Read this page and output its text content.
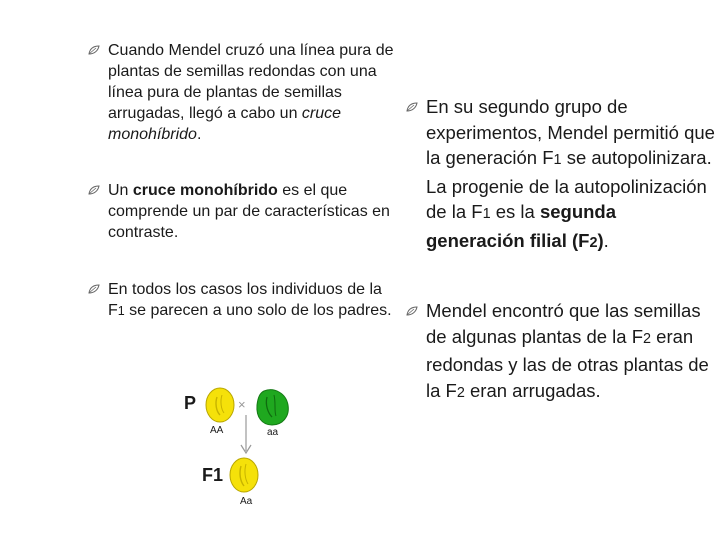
Cuando Mendel cruzó una línea pura de plantas de semillas redondas con una línea pura de plantas de semillas arrugadas, llegó a cabo un cruce monohíbrido.
Un cruce monohíbrido es el que comprende un par de características en contraste.
En todos los casos los individuos de la F1 se parecen a uno solo de los padres.
En su segundo grupo de experimentos, Mendel permitió que la generación F1 se autopolinizara. La progenie de la autopolinización de la F1 es la segunda generación filial (F2).
Mendel encontró que las semillas de algunas plantas de la F2 eran redondas y las de otras plantas de la F2 eran arrugadas.
P	×
AA	aa
F1
Aa
